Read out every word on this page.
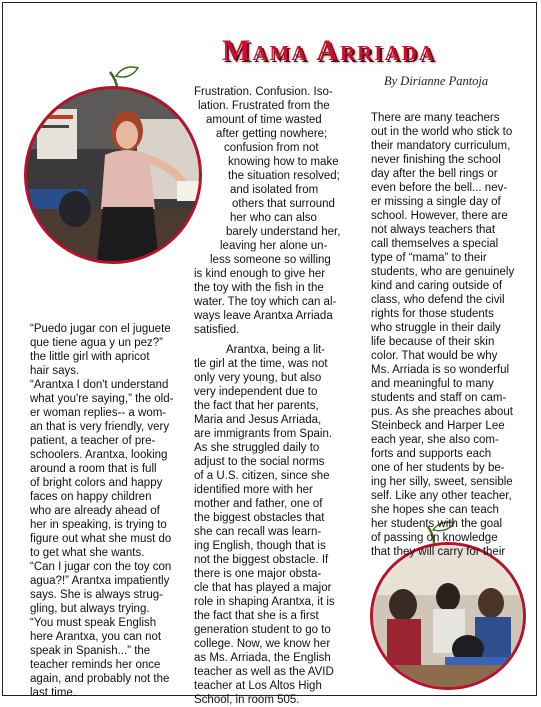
Mama Arriada
By Dirianne Pantoja
“Puedo jugar con el juguete
que tiene agua y un pez?”
the little girl with apricot
hair says.
“Arantxa I don't understand
what you're saying,” the old-
er woman replies-- a wom-
an that is very friendly, very
patient, a teacher of pre-
schoolers. Arantxa, looking
around a room that is full
of bright colors and happy
faces on happy children
who are already ahead of
her in speaking, is trying to
figure out what she must do
to get what she wants.
“Can I jugar con the toy con
agua?!” Arantxa impatiently
says. She is always strug-
gling, but always trying.
“You must speak English
here Arantxa, you can not
speak in Spanish...” the
teacher reminds her once
again, and probably not the
last time.
Frustration. Confusion. Iso-
lation. Frustrated from the
amount of time wasted
after getting nowhere;
confusion from not
knowing how to make
the situation resolved;
and isolated from
others that surround
her who can also
barely understand her,
leaving her alone un-
less someone so willing
is kind enough to give her
the toy with the fish in the
water. The toy which can al-
ways leave Arantxa Arriada
satisfied.
Arantxa, being a lit-
tle girl at the time, was not
only very young, but also
very independent due to
the fact that her parents,
Maria and Jesus Arriada,
are immigrants from Spain.
As she struggled daily to
adjust to the social norms
of a U.S. citizen, since she
identified more with her
mother and father, one of
the biggest obstacles that
she can recall was learn-
ing English, though that is
not the biggest obstacle. If
there is one major obsta-
cle that has played a major
role in shaping Arantxa, it is
the fact that she is a first
generation student to go to
college. Now, we know her
as Ms. Arriada, the English
teacher as well as the AVID
teacher at Los Altos High
School, in room 505.
There are many teachers
out in the world who stick to
their mandatory curriculum,
never finishing the school
day after the bell rings or
even before the bell... nev-
er missing a single day of
school. However, there are
not always teachers that
call themselves a special
type of “mama” to their
students, who are genuinely
kind and caring outside of
class, who defend the civil
rights for those students
who struggle in their daily
life because of their skin
color. That would be why
Ms. Arriada is so wonderful
and meaningful to many
students and staff on cam-
pus. As she preaches about
Steinbeck and Harper Lee
each year, she also com-
forts and supports each
one of her students by be-
ing her silly, sweet, sensible
self. Like any other teacher,
she hopes she can teach
her students with the goal
of passing on knowledge
that they will carry for their
